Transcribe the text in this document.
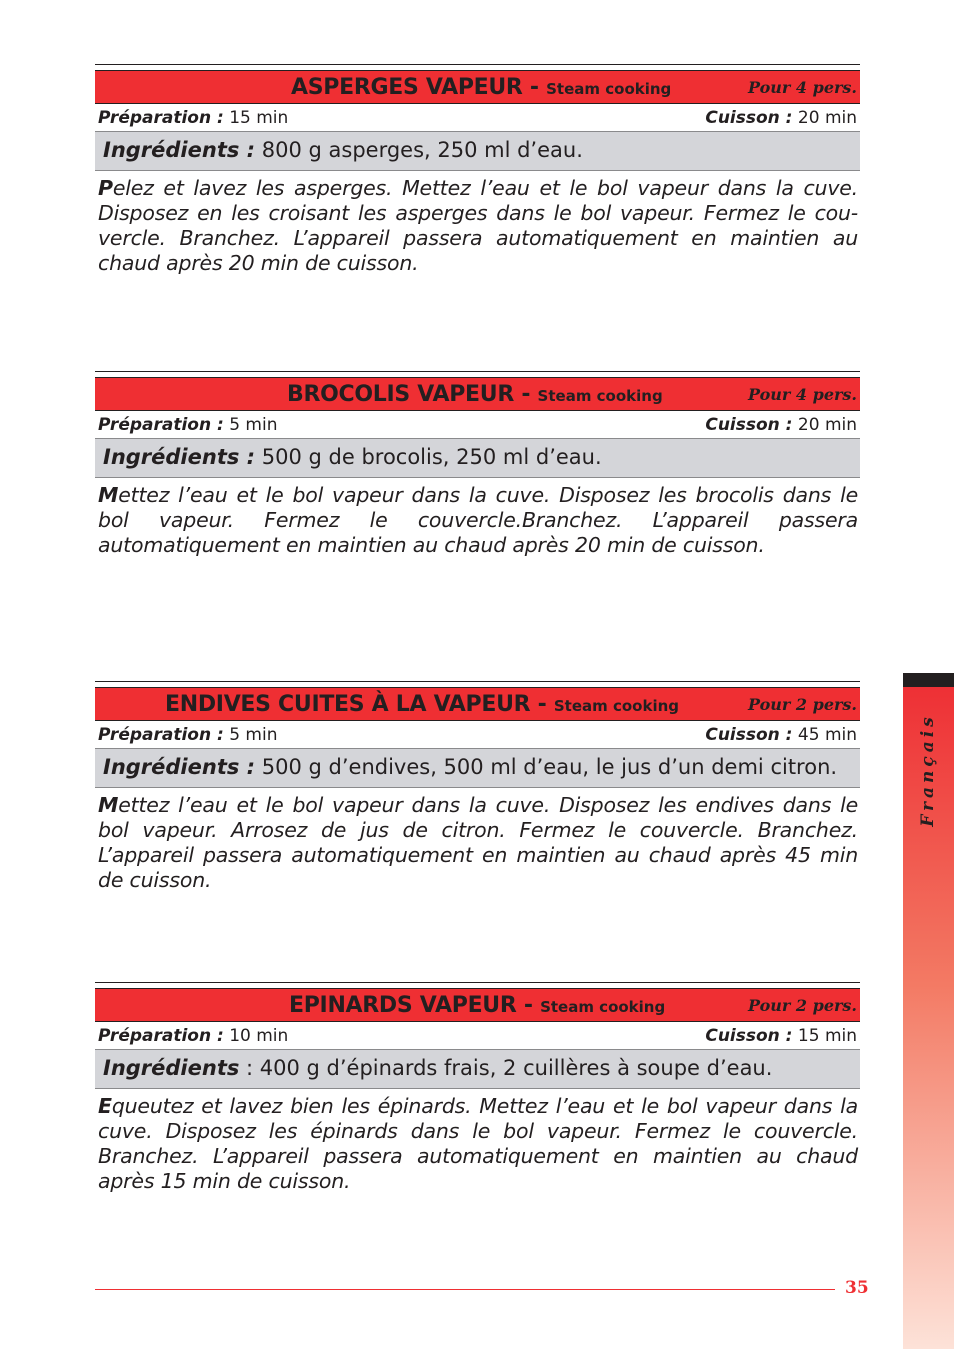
ASPERGES VAPEUR - Steam cooking	Pour 4 pers.
Préparation : 15 min	Cuisson : 20 min
Ingrédients : 800 g asperges, 250 ml d’eau.

Pelez et lavez les asperges. Mettez l’eau et le bol vapeur dans la cuve. Disposez en les croisant les asperges dans le bol vapeur. Fermez le cou-vercle. Branchez. L’appareil passera automatiquement en maintien au chaud après 20 min de cuisson.

BROCOLIS VAPEUR - Steam cooking	Pour 4 pers.
Préparation : 5 min	Cuisson : 20 min
Ingrédients : 500 g de brocolis, 250 ml d’eau.

Mettez l’eau et le bol vapeur dans la cuve. Disposez les brocolis dans le bol vapeur. Fermez le couvercle.Branchez. L’appareil passera automatiquement en maintien au chaud après 20 min de cuisson.

ENDIVES CUITES À LA VAPEUR - Steam cooking	Pour 2 pers.
Préparation : 5 min	Cuisson : 45 min
Ingrédients : 500 g d’endives, 500 ml d’eau, le jus d’un demi citron.

Mettez l’eau et le bol vapeur dans la cuve. Disposez les endives dans le bol vapeur. Arrosez de jus de citron. Fermez le couvercle. Branchez. L’appareil passera automatiquement en maintien au chaud après 45 min de cuisson.

EPINARDS VAPEUR - Steam cooking	Pour 2 pers.
Préparation : 10 min	Cuisson : 15 min
Ingrédients : 400 g d’épinards frais, 2 cuillères à soupe d’eau.

Equeutez et lavez bien les épinards. Mettez l’eau et le bol vapeur dans la cuve. Disposez les épinards dans le bol vapeur. Fermez le couvercle. Branchez. L’appareil passera automatiquement en maintien au chaud après 15 min de cuisson.

Français
35
